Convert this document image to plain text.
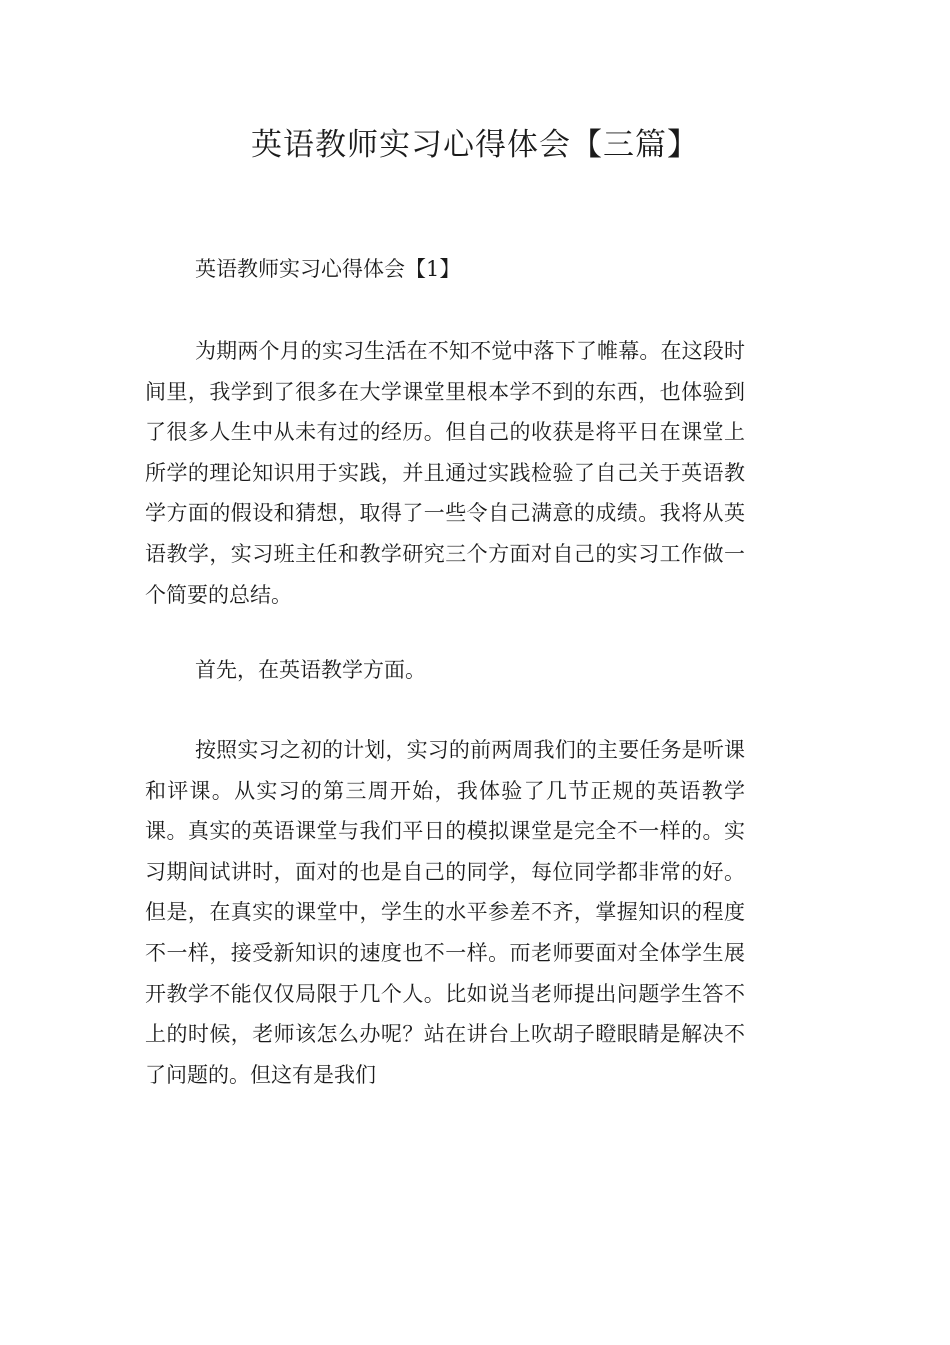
英语教师实习心得体会【三篇】
英语教师实习心得体会【1】

为期两个月的实习生活在不知不觉中落下了帷幕。在这段时间里，我学到了很多在大学课堂里根本学不到的东西，也体验到了很多人生中从未有过的经历。但自己的收获是将平日在课堂上所学的理论知识用于实践，并且通过实践检验了自己关于英语教学方面的假设和猜想，取得了一些令自己满意的成绩。我将从英语教学，实习班主任和教学研究三个方面对自己的实习工作做一个简要的总结。

首先，在英语教学方面。

按照实习之初的计划，实习的前两周我们的主要任务是听课和评课。从实习的第三周开始，我体验了几节正规的英语教学课。真实的英语课堂与我们平日的模拟课堂是完全不一样的。实习期间试讲时，面对的也是自己的同学，每位同学都非常的好。但是，在真实的课堂中，学生的水平参差不齐，掌握知识的程度不一样，接受新知识的速度也不一样。而老师要面对全体学生展开教学不能仅仅局限于几个人。比如说当老师提出问题学生答不上的时候，老师该怎么办呢？站在讲台上吹胡子瞪眼睛是解决不了问题的。但这有是我们
